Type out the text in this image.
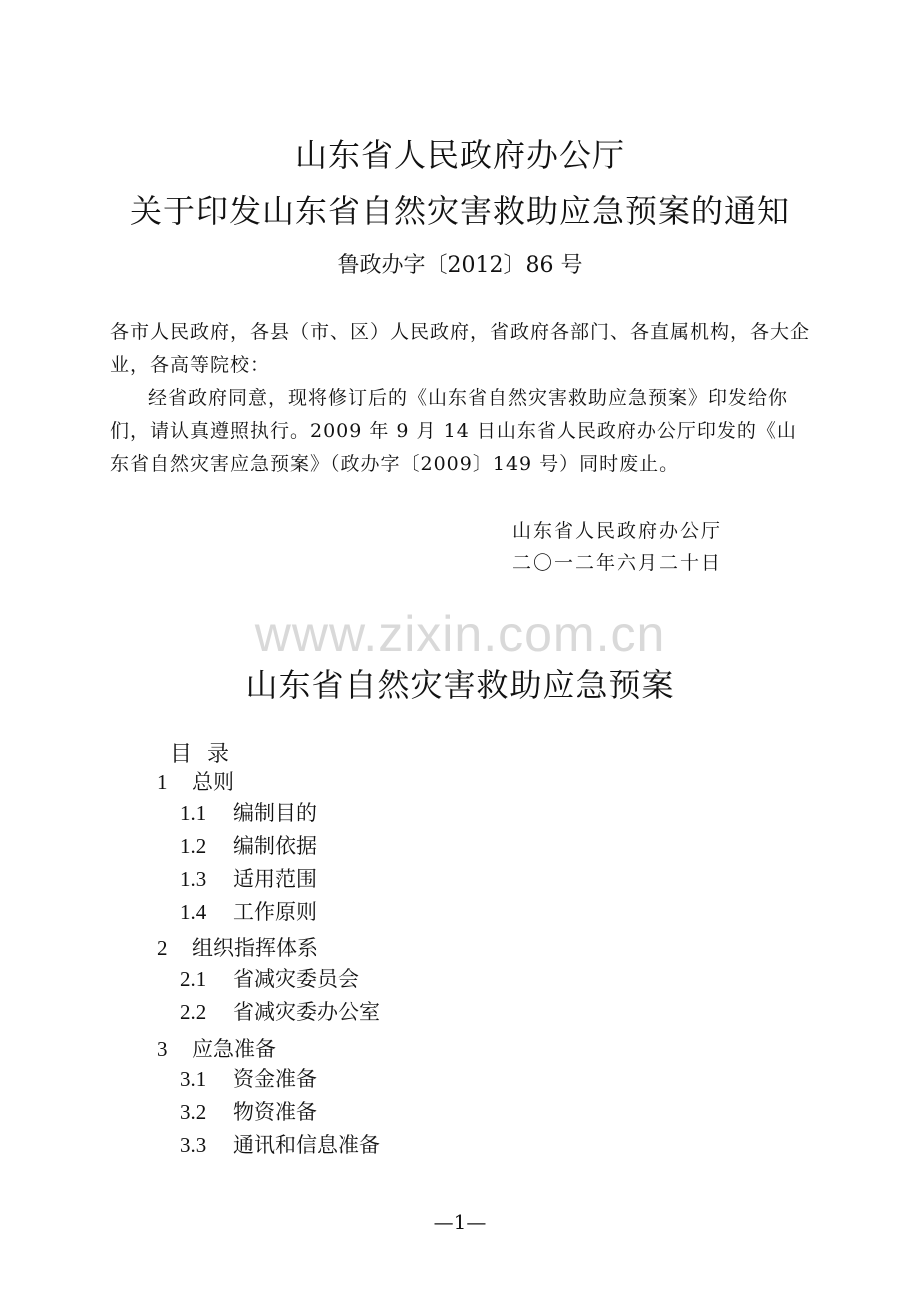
山东省人民政府办公厅
关于印发山东省自然灾害救助应急预案的通知
鲁政办字〔2012〕86 号
各市人民政府，各县（市、区）人民政府，省政府各部门、各直属机构，各大企业，各高等院校：
经省政府同意，现将修订后的《山东省自然灾害救助应急预案》印发给你们，请认真遵照执行。2009 年 9 月 14 日山东省人民政府办公厅印发的《山东省自然灾害应急预案》（政办字〔2009〕149 号）同时废止。
山东省人民政府办公厅
二〇一二年六月二十日
www.zixin.com.cn
山东省自然灾害救助应急预案
目 录
1 总则
1.1 编制目的
1.2 编制依据
1.3 适用范围
1.4 工作原则
2 组织指挥体系
2.1 省减灾委员会
2.2 省减灾委办公室
3 应急准备
3.1 资金准备
3.2 物资准备
3.3 通讯和信息准备
—1—
